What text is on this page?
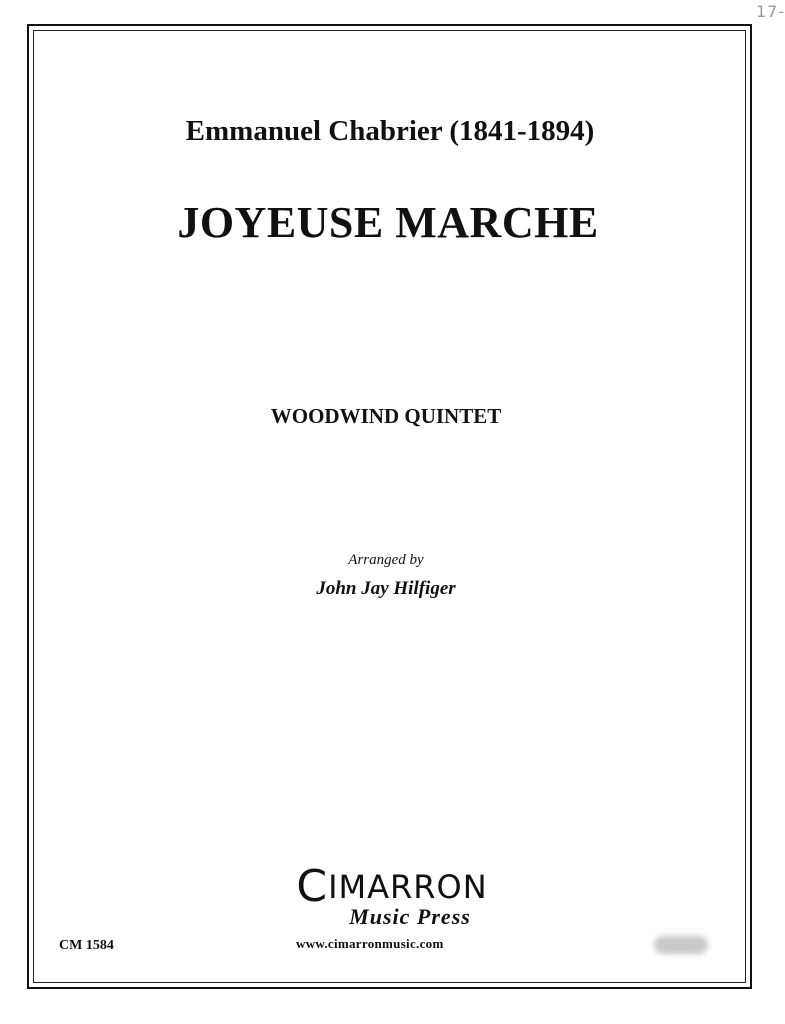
17-
Emmanuel Chabrier (1841-1894)
JOYEUSE MARCHE
WOODWIND QUINTET
Arranged by
John Jay Hilfiger
CM 1584
CIMARRON
Music Press
www.cimarronmusic.com
